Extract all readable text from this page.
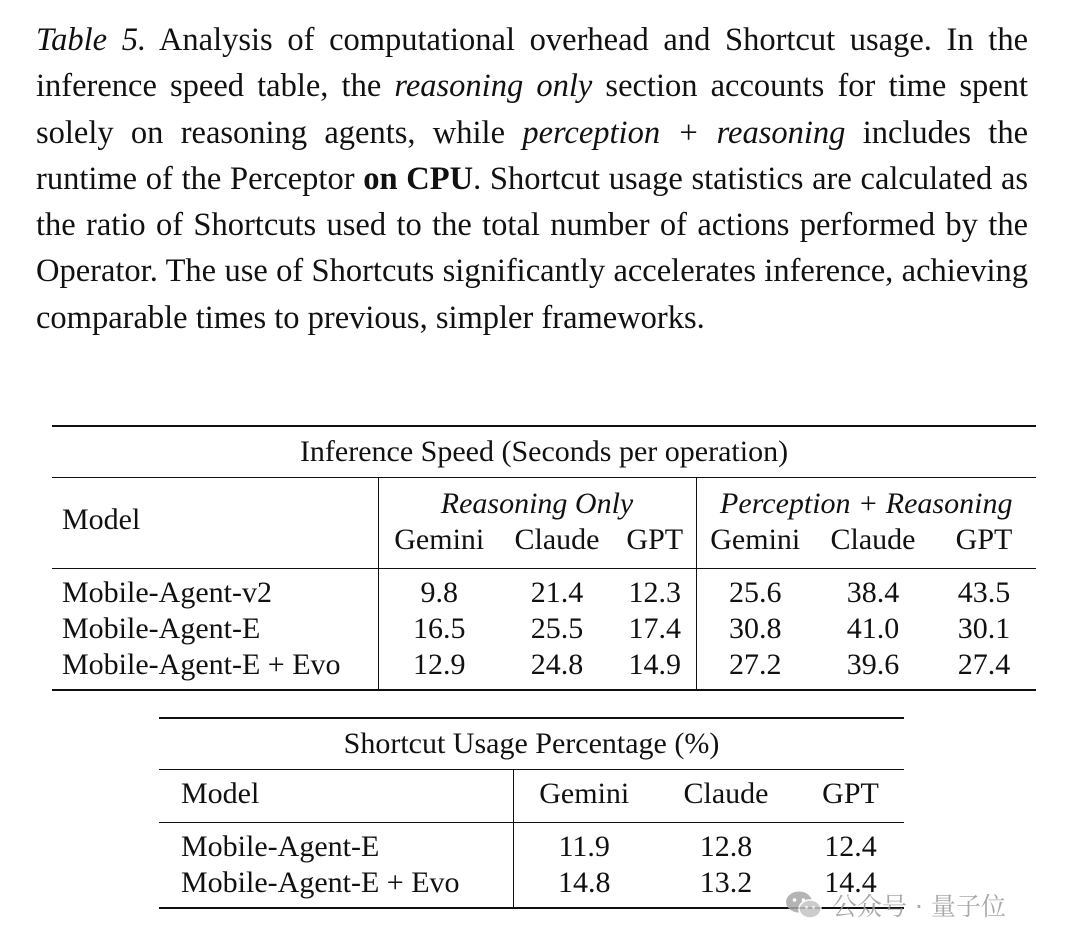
Table 5. Analysis of computational overhead and Shortcut usage. In the inference speed table, the reasoning only section accounts for time spent solely on reasoning agents, while perception + reasoning includes the runtime of the Perceptor on CPU. Shortcut usage statistics are calculated as the ratio of Shortcuts used to the total number of actions performed by the Operator. The use of Shortcuts significantly accelerates inference, achieving comparable times to previous, simpler frameworks.
Inference Speed (Seconds per operation)						
Model	Reasoning Only			Perception + Reasoning		
	Gemini	Claude	GPT	Gemini	Claude	GPT
Mobile-Agent-v2	9.8	21.4	12.3	25.6	38.4	43.5
Mobile-Agent-E	16.5	25.5	17.4	30.8	41.0	30.1
Mobile-Agent-E + Evo	12.9	24.8	14.9	27.2	39.6	27.4
Shortcut Usage Percentage (%)			
Model	Gemini	Claude	GPT
Mobile-Agent-E	11.9	12.8	12.4
Mobile-Agent-E + Evo	14.8	13.2	14.4
公众号 · 量子位
